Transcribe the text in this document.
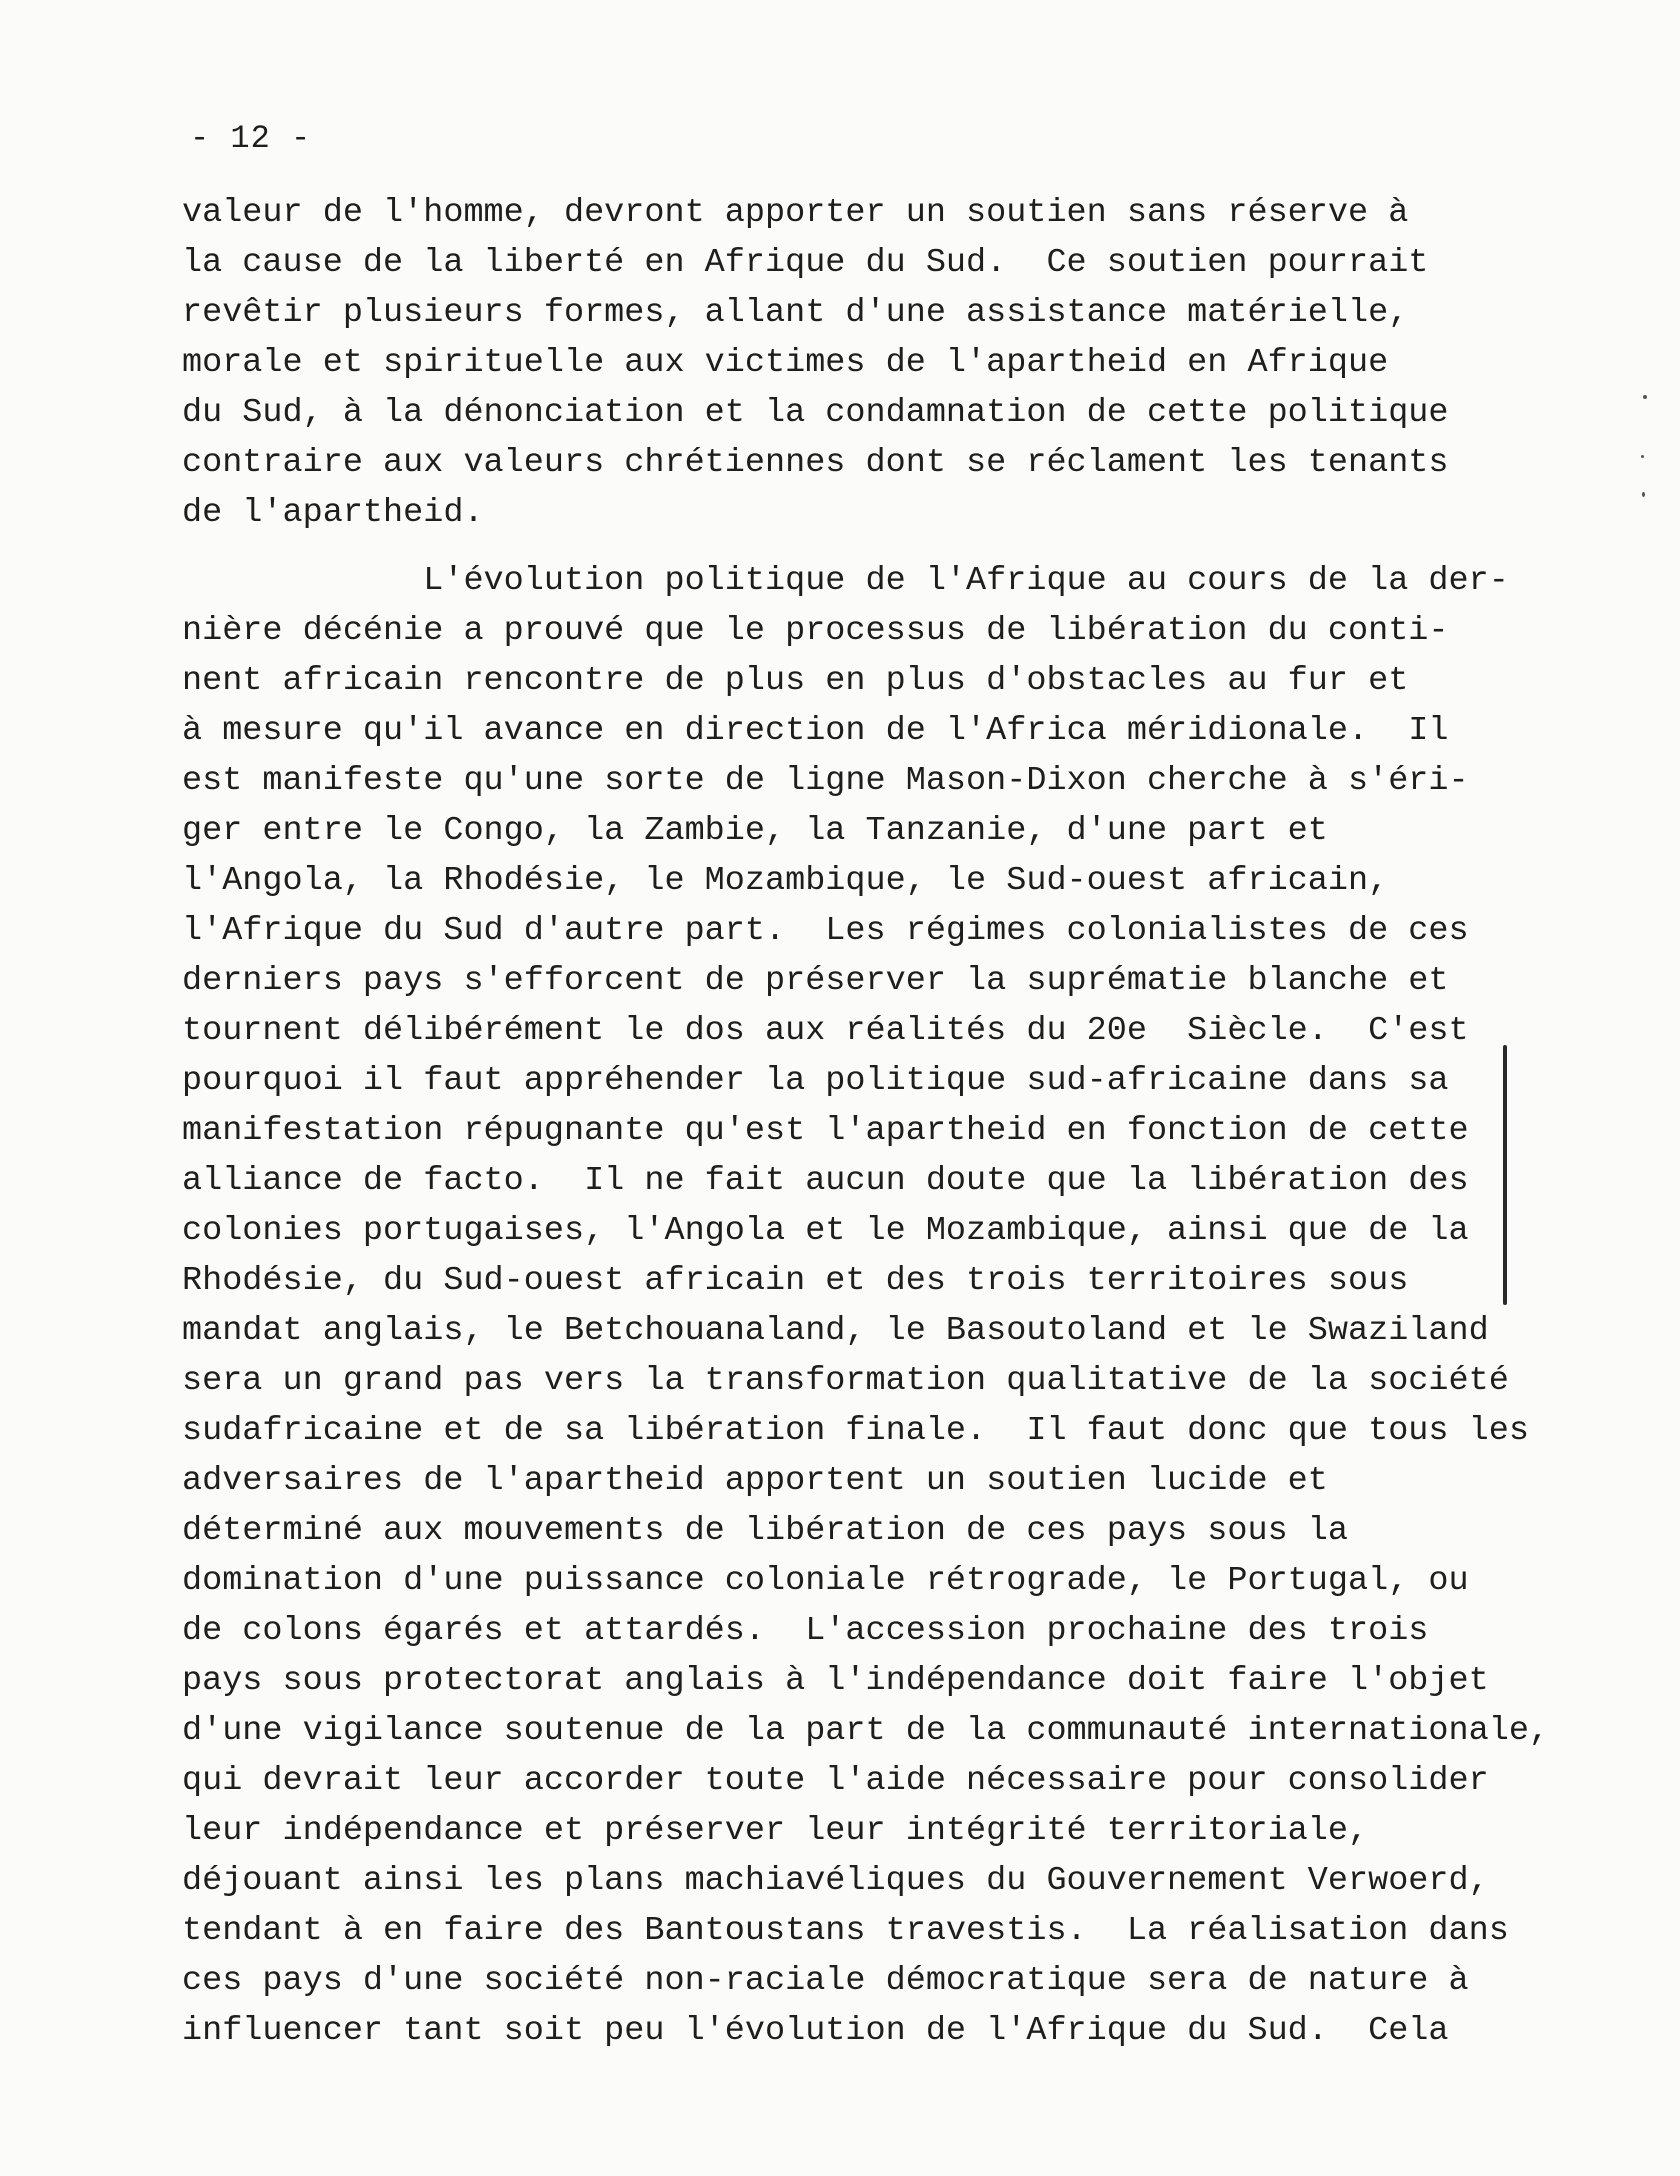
- 12 -
valeur de l'homme, devront apporter un soutien sans réserve à
la cause de la liberté en Afrique du Sud.  Ce soutien pourrait
revêtir plusieurs formes, allant d'une assistance matérielle,
morale et spirituelle aux victimes de l'apartheid en Afrique
du Sud, à la dénonciation et la condamnation de cette politique
contraire aux valeurs chrétiennes dont se réclament les tenants
de l'apartheid.
L'évolution politique de l'Afrique au cours de la der-
nière décénie a prouvé que le processus de libération du conti-
nent africain rencontre de plus en plus d'obstacles au fur et
à mesure qu'il avance en direction de l'Africa méridionale.  Il
est manifeste qu'une sorte de ligne Mason-Dixon cherche à s'éri-
ger entre le Congo, la Zambie, la Tanzanie, d'une part et
l'Angola, la Rhodésie, le Mozambique, le Sud-ouest africain,
l'Afrique du Sud d'autre part.  Les régimes colonialistes de ces
derniers pays s'efforcent de préserver la suprématie blanche et
tournent délibérément le dos aux réalités du 20e  Siècle.  C'est
pourquoi il faut appréhender la politique sud-africaine dans sa
manifestation répugnante qu'est l'apartheid en fonction de cette
alliance de facto.  Il ne fait aucun doute que la libération des
colonies portugaises, l'Angola et le Mozambique, ainsi que de la
Rhodésie, du Sud-ouest africain et des trois territoires sous
mandat anglais, le Betchouanaland, le Basoutoland et le Swaziland
sera un grand pas vers la transformation qualitative de la société
sudafricaine et de sa libération finale.  Il faut donc que tous les
adversaires de l'apartheid apportent un soutien lucide et
déterminé aux mouvements de libération de ces pays sous la
domination d'une puissance coloniale rétrograde, le Portugal, ou
de colons égarés et attardés.  L'accession prochaine des trois
pays sous protectorat anglais à l'indépendance doit faire l'objet
d'une vigilance soutenue de la part de la communauté internationale,
qui devrait leur accorder toute l'aide nécessaire pour consolider
leur indépendance et préserver leur intégrité territoriale,
déjouant ainsi les plans machiavéliques du Gouvernement Verwoerd,
tendant à en faire des Bantoustans travestis.  La réalisation dans
ces pays d'une société non-raciale démocratique sera de nature à
influencer tant soit peu l'évolution de l'Afrique du Sud.  Cela
